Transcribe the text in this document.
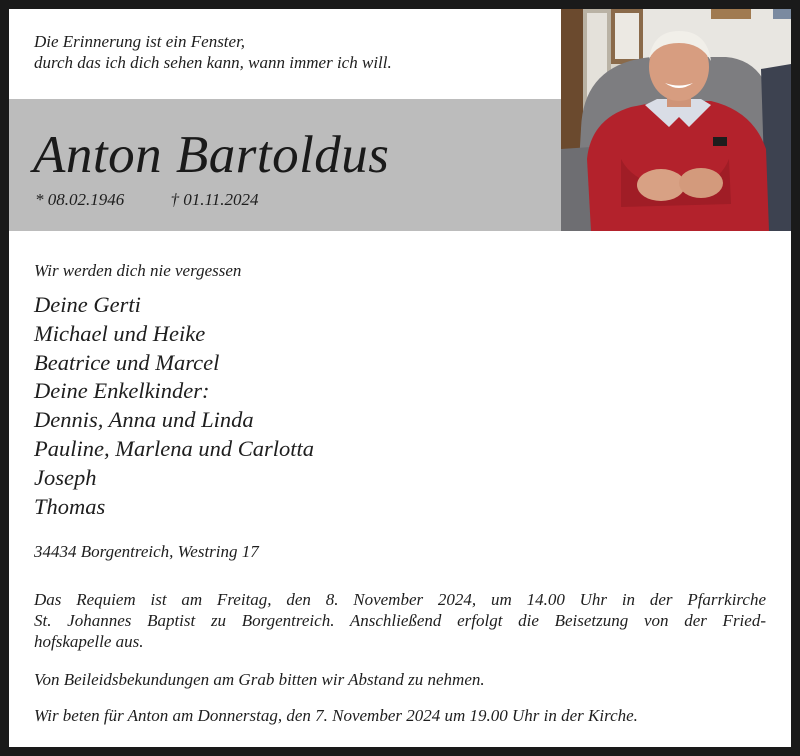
Die Erinnerung ist ein Fenster,
durch das ich dich sehen kann, wann immer ich will.

Anton Bartoldus
* 08.02.1946	† 01.11.2024
Wir werden dich nie vergessen
Deine Gerti
Michael und Heike
Beatrice und Marcel
Deine Enkelkinder:
Dennis, Anna und Linda
Pauline, Marlena und Carlotta
Joseph
Thomas
34434 Borgentreich, Westring 17

Das Requiem ist am Freitag, den 8. November 2024, um 14.00 Uhr in der Pfarrkirche
St. Johannes Baptist zu Borgentreich. Anschließend erfolgt die Beisetzung von der Fried-
hofskapelle aus.

Von Beileidsbekundungen am Grab bitten wir Abstand zu nehmen.

Wir beten für Anton am Donnerstag, den 7. November 2024 um 19.00 Uhr in der Kirche.
